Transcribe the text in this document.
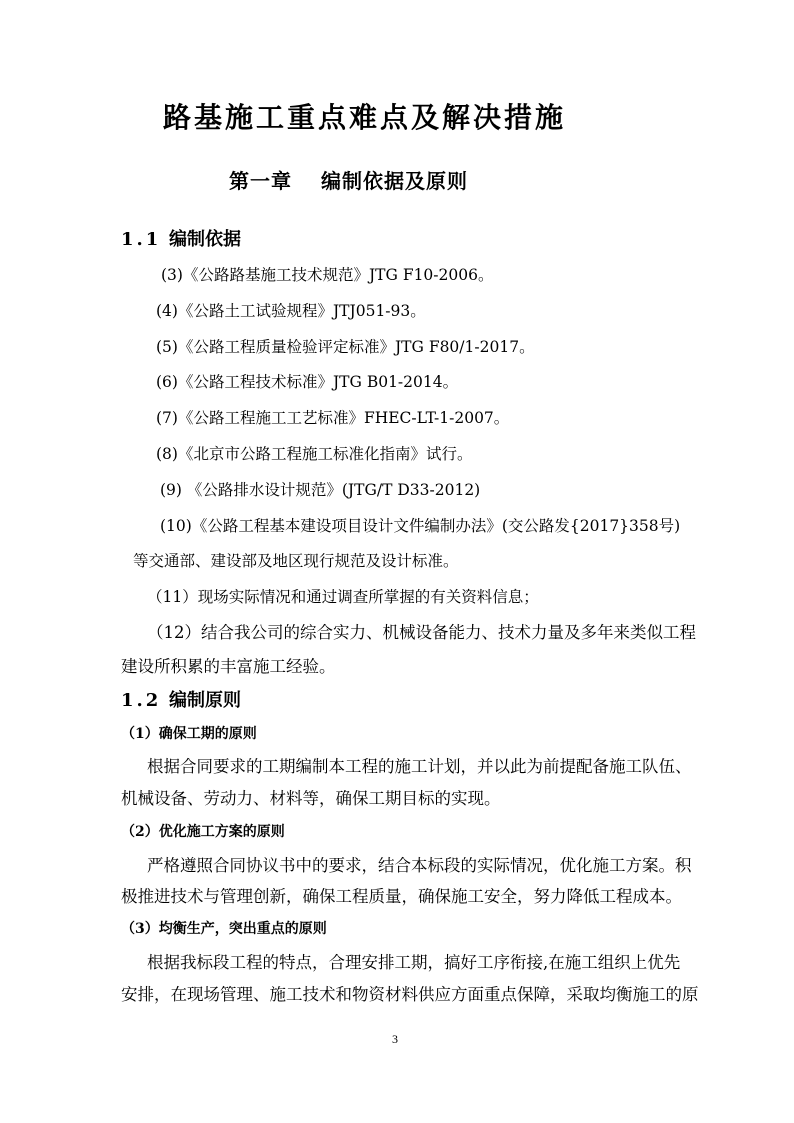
路基施工重点难点及解决措施
第一章　 编制依据及原则
1.1 编制依据
(3)《公路路基施工技术规范》JTG F10-2006。
(4)《公路土工试验规程》JTJ051-93。
(5)《公路工程质量检验评定标准》JTG F80/1-2017。
(6)《公路工程技术标准》JTG B01-2014。
(7)《公路工程施工工艺标准》FHEC-LT-1-2007。
(8)《北京市公路工程施工标准化指南》试行。
(9) 《公路排水设计规范》(JTG/T D33-2012)
(10)《公路工程基本建设项目设计文件编制办法》(交公路发{2017}358号)
等交通部、建设部及地区现行规范及设计标准。
（11）现场实际情况和通过调查所掌握的有关资料信息；
（12）结合我公司的综合实力、机械设备能力、技术力量及多年来类似工程
建设所积累的丰富施工经验。
1.2 编制原则
（1）确保工期的原则
根据合同要求的工期编制本工程的施工计划，并以此为前提配备施工队伍、
机械设备、劳动力、材料等，确保工期目标的实现。
（2）优化施工方案的原则
严格遵照合同协议书中的要求，结合本标段的实际情况，优化施工方案。积
极推进技术与管理创新，确保工程质量，确保施工安全，努力降低工程成本。
（3）均衡生产，突出重点的原则
根据我标段工程的特点，合理安排工期，搞好工序衔接,在施工组织上优先
安排，在现场管理、施工技术和物资材料供应方面重点保障，采取均衡施工的原
3
